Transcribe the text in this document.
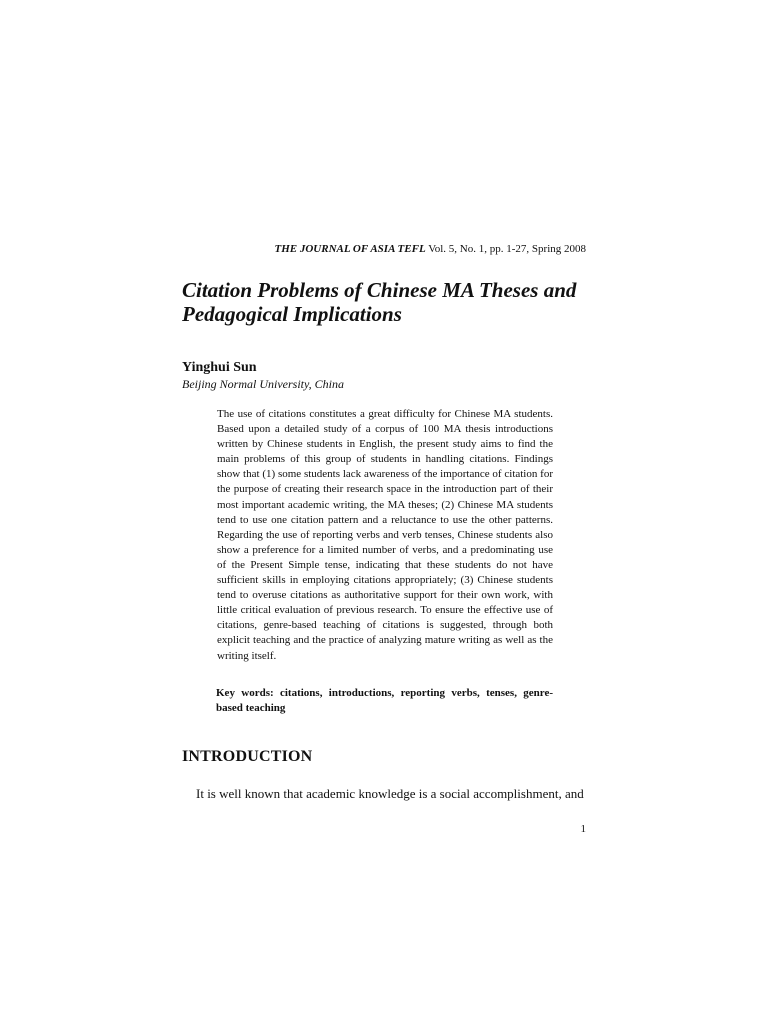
THE JOURNAL OF ASIA TEFL Vol. 5, No. 1, pp. 1-27, Spring 2008
Citation Problems of Chinese MA Theses and Pedagogical Implications

Yinghui Sun

Beijing Normal University, China

The use of citations constitutes a great difficulty for Chinese MA students. Based upon a detailed study of a corpus of 100 MA thesis introductions written by Chinese students in English, the present study aims to find the main problems of this group of students in handling citations. Findings show that (1) some students lack awareness of the importance of citation for the purpose of creating their research space in the introduction part of their most important academic writing, the MA theses; (2) Chinese MA students tend to use one citation pattern and a reluctance to use the other patterns. Regarding the use of reporting verbs and verb tenses, Chinese students also show a preference for a limited number of verbs, and a predominating use of the Present Simple tense, indicating that these students do not have sufficient skills in employing citations appropriately; (3) Chinese students tend to overuse citations as authoritative support for their own work, with little critical evaluation of previous research. To ensure the effective use of citations, genre-based teaching of citations is suggested, through both explicit teaching and the practice of analyzing mature writing as well as the writing itself.

Key words: citations, introductions, reporting verbs, tenses, genre-based teaching

INTRODUCTION

It is well known that academic knowledge is a social accomplishment, and

1
